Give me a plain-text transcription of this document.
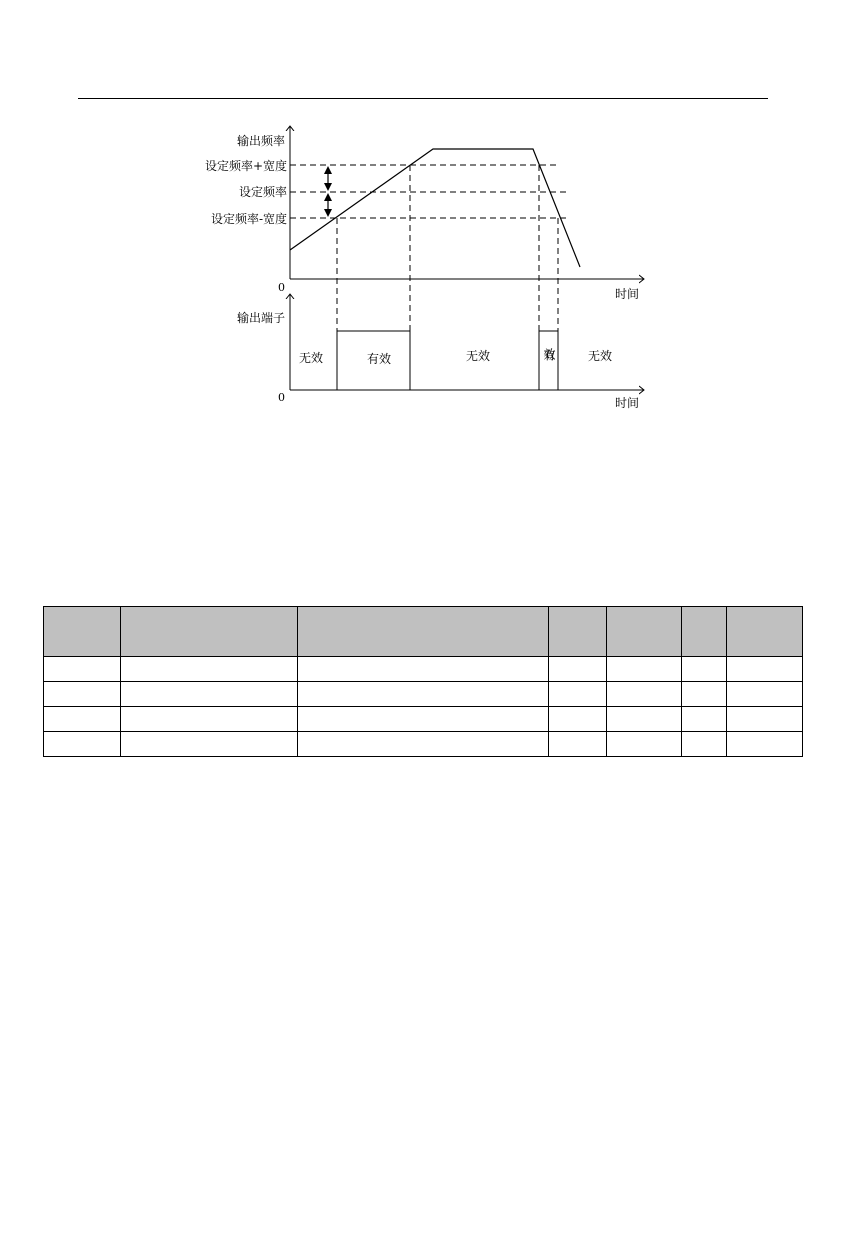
输出频率
设定频率+宽度
设定频率
设定频率-宽度
0	时间
输出端子
0	时间
无效	有效	无效	有效	无效
